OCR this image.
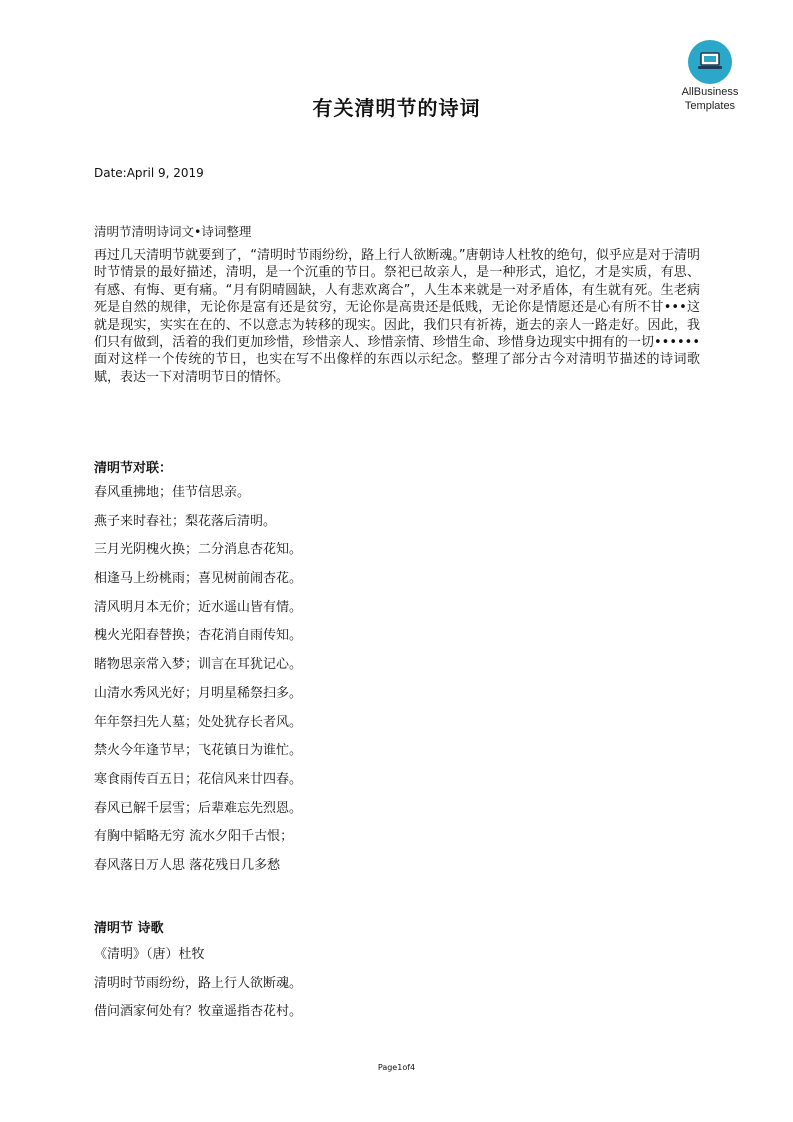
AllBusiness
Templates
有关清明节的诗词
Date:April 9, 2019
清明节清明诗词文•诗词整理

再过几天清明节就要到了，“清明时节雨纷纷，路上行人欲断魂。”唐朝诗人杜牧的绝句，似乎应是对于清明时节情景的最好描述，清明，是一个沉重的节日。祭祀已故亲人，是一种形式，追忆，才是实质，有思、有感、有悔、更有痛。“月有阴晴圆缺，人有悲欢离合”，人生本来就是一对矛盾体，有生就有死。生老病死是自然的规律，无论你是富有还是贫穷，无论你是高贵还是低贱，无论你是情愿还是心有所不甘•••这就是现实，实实在在的、不以意志为转移的现实。因此，我们只有祈祷，逝去的亲人一路走好。因此，我们只有做到，活着的我们更加珍惜，珍惜亲人、珍惜亲情、珍惜生命、珍惜身边现实中拥有的一切••••••面对这样一个传统的节日，也实在写不出像样的东西以示纪念。整理了部分古今对清明节描述的诗词歌赋，表达一下对清明节日的情怀。

清明节对联：
春风重拂地；佳节信思亲。
燕子来时春社；梨花落后清明。
三月光阴槐火换；二分消息杏花知。
相逢马上纷桃雨；喜见树前闹杏花。
清风明月本无价；近水遥山皆有情。
槐火光阳春替换；杏花消自雨传知。
睹物思亲常入梦；训言在耳犹记心。
山清水秀风光好；月明星稀祭扫多。
年年祭扫先人墓；处处犹存长者风。
禁火今年逢节早；飞花镇日为谁忙。
寒食雨传百五日；花信风来廿四春。
春风已解千层雪；后辈难忘先烈恩。
有胸中韬略无穷 流水夕阳千古恨；
春风落日万人思 落花残日几多愁
清明节 诗歌
《清明》（唐）杜牧
清明时节雨纷纷，路上行人欲断魂。
借问酒家何处有？牧童遥指杏花村。
Page1of4
